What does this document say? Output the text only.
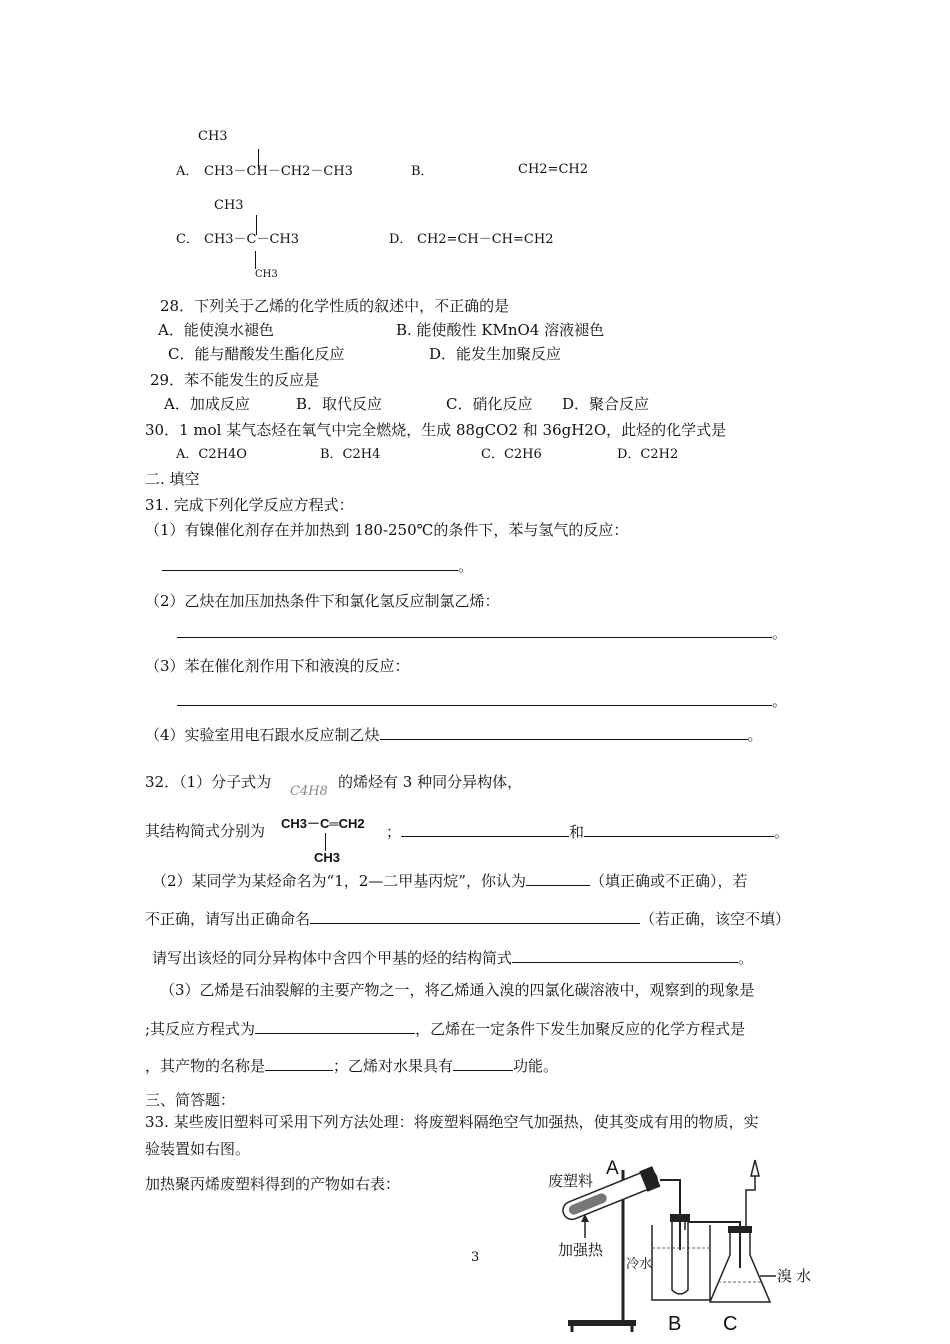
CH3
A． CH3－CH－CH2－CH3	B．	CH2=CH2
CH3
C． CH3－C－CH3
CH3
D． CH2=CH－CH=CH2
28．下列关于乙烯的化学性质的叙述中，不正确的是
A．能使溴水褪色	B. 能使酸性 KMnO4 溶液褪色
C．能与醋酸发生酯化反应	D．能发生加聚反应
29．苯不能发生的反应是
A．加成反应	B．取代反应	C．硝化反应 D．聚合反应
30．1 mol 某气态烃在氧气中完全燃烧，生成 88gCO2 和 36gH2O，此烃的化学式是
A．C2H4O	B．C2H4	C．C2H6	D．C2H2
二. 填空
31. 完成下列化学反应方程式：
（1）有镍催化剂存在并加热到 180-250℃的条件下，苯与氢气的反应：
。
（2）乙炔在加压加热条件下和氯化氢反应制氯乙烯：
。
（3）苯在催化剂作用下和液溴的反应：
。
（4）实验室用电石跟水反应制乙炔	。
32．（1）分子式为
C4H8
的烯烃有 3 种同分异构体，
其结构简式分别为 CH3－C═CH2
CH3
；	和	。
（2）某同学为某烃命名为“1，2—二甲基丙烷”，你认为	（填正确或不正确），若
不正确，请写出正确命名	（若正确，该空不填）
请写出该烃的同分异构体中含四个甲基的烃的结构简式	。
（3）乙烯是石油裂解的主要产物之一，将乙烯通入溴的四氯化碳溶液中，观察到的现象是
;其反应方程式为	，乙烯在一定条件下发生加聚反应的化学方程式是
，其产物的名称是	；乙烯对水果具有	功能。
三、简答题：
33. 某些废旧塑料可采用下列方法处理：将废塑料隔绝空气加强热，使其变成有用的物质，实
验装置如右图。
加热聚丙烯废塑料得到的产物如右表：	废塑料
A
加强热
冷水
溴 水
B C
3
